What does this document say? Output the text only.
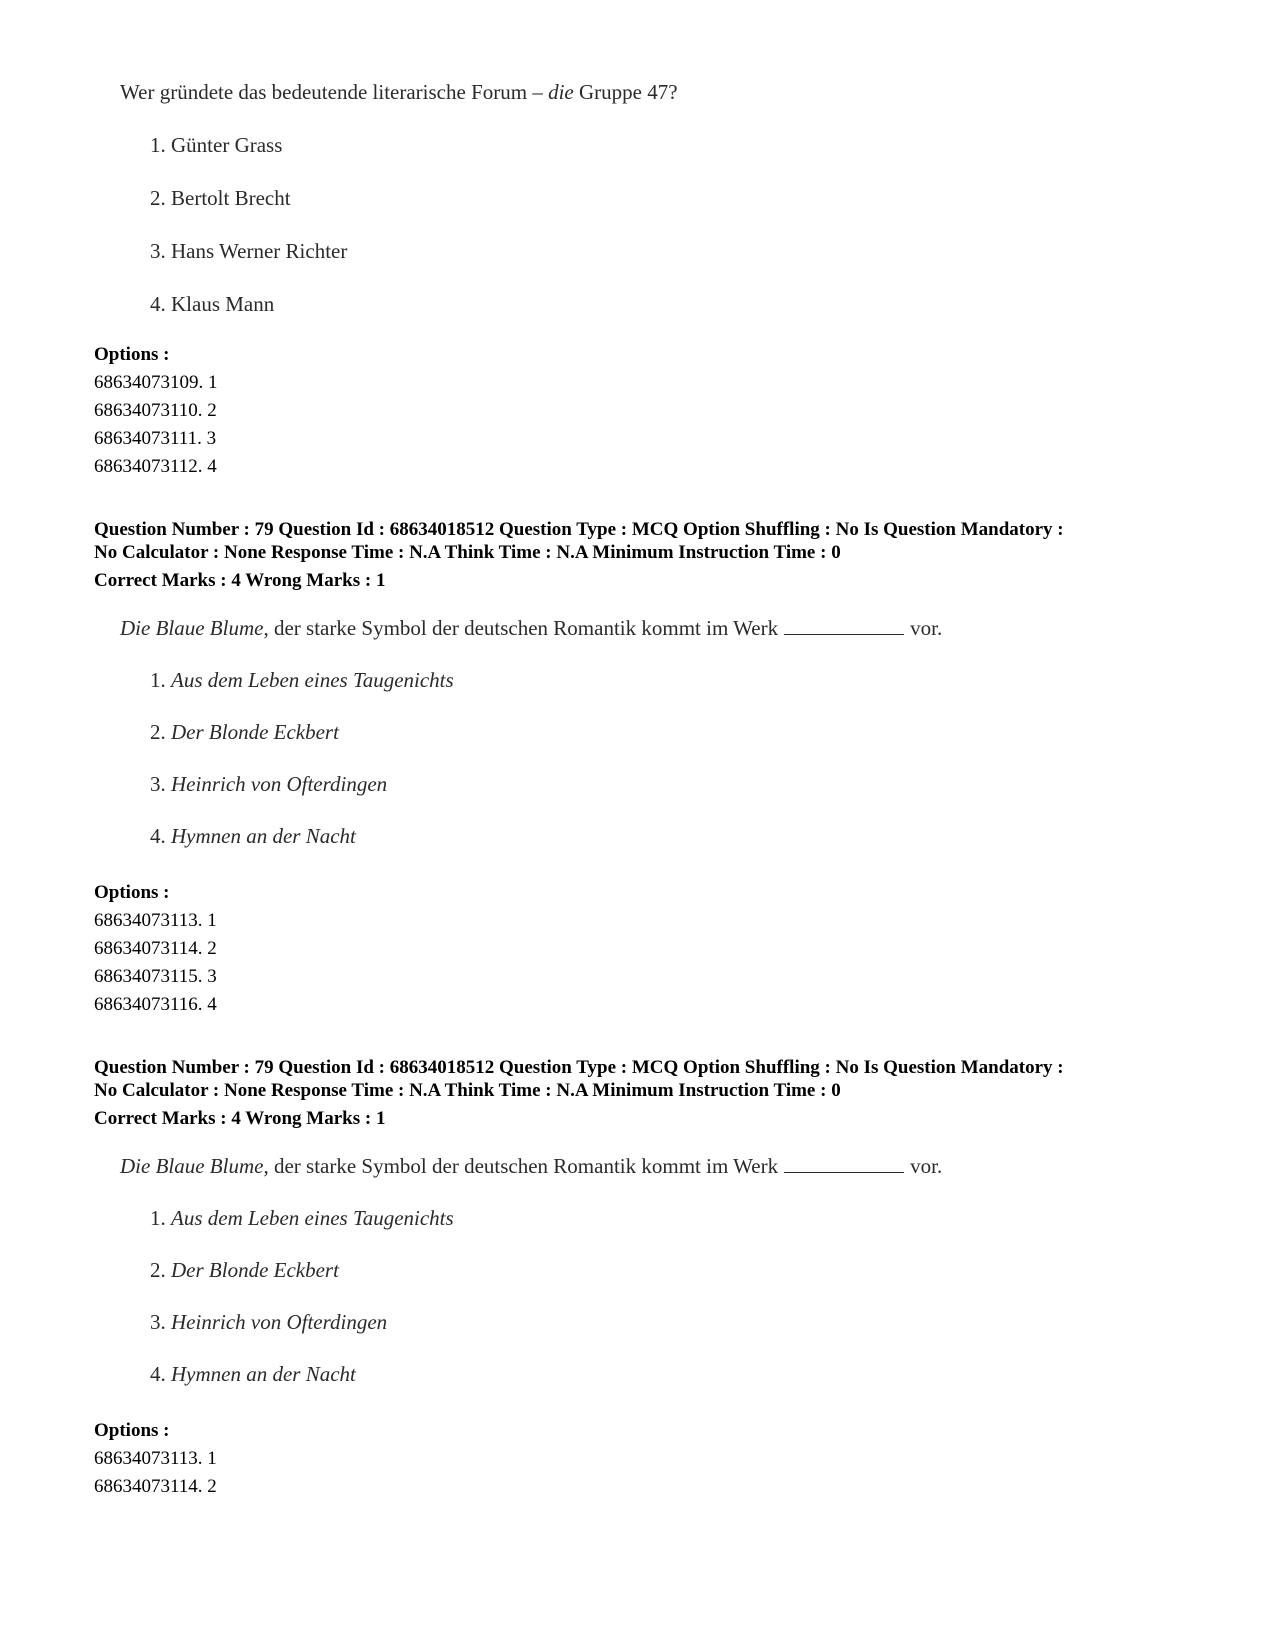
Wer gründete das bedeutende literarische Forum – die Gruppe 47?
1. Günter Grass
2. Bertolt Brecht
3. Hans Werner Richter
4. Klaus Mann
Options :
68634073109. 1
68634073110. 2
68634073111. 3
68634073112. 4
Question Number : 79 Question Id : 68634018512 Question Type : MCQ Option Shuffling : No Is Question Mandatory :
No Calculator : None Response Time : N.A Think Time : N.A Minimum Instruction Time : 0
Correct Marks : 4 Wrong Marks : 1
Die Blaue Blume, der starke Symbol der deutschen Romantik kommt im Werk	vor.
1. Aus dem Leben eines Taugenichts
2. Der Blonde Eckbert
3. Heinrich von Ofterdingen
4. Hymnen an der Nacht
Options :
68634073113. 1
68634073114. 2
68634073115. 3
68634073116. 4
Question Number : 79 Question Id : 68634018512 Question Type : MCQ Option Shuffling : No Is Question Mandatory :
No Calculator : None Response Time : N.A Think Time : N.A Minimum Instruction Time : 0
Correct Marks : 4 Wrong Marks : 1
Die Blaue Blume, der starke Symbol der deutschen Romantik kommt im Werk	vor.
1. Aus dem Leben eines Taugenichts
2. Der Blonde Eckbert
3. Heinrich von Ofterdingen
4. Hymnen an der Nacht
Options :
68634073113. 1
68634073114. 2
